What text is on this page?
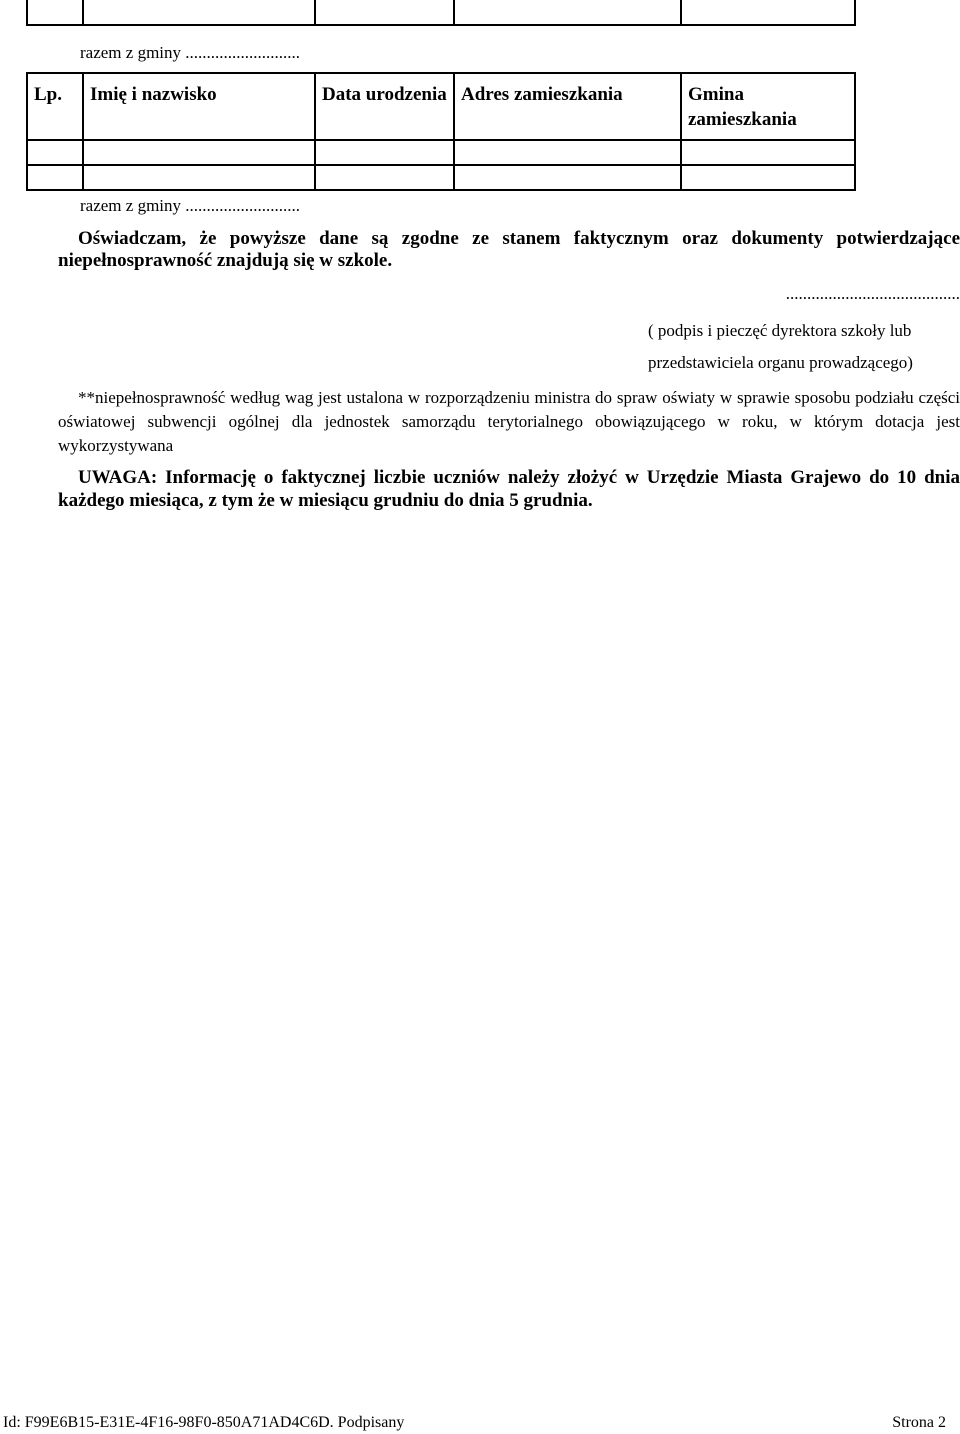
razem z gminy ...........................
Lp.	Imię i nazwisko	Data urodzenia	Adres zamieszkania	Gmina zamieszkania

razem z gminy ...........................
Oświadczam, że powyższe dane są zgodne ze stanem faktycznym oraz dokumenty potwierdzające niepełnosprawność znajdują się w szkole.
.........................................
( podpis i pieczęć dyrektora szkoły lub
przedstawiciela organu prowadzącego)
**niepełnosprawność według wag jest ustalona w rozporządzeniu ministra do spraw oświaty w sprawie sposobu podziału części oświatowej subwencji ogólnej dla jednostek samorządu terytorialnego obowiązującego w roku, w którym dotacja jest wykorzystywana
UWAGA: Informację o faktycznej liczbie uczniów należy złożyć w Urzędzie Miasta Grajewo do 10 dnia każdego miesiąca, z tym że w miesiącu grudniu do dnia 5 grudnia.
Id: F99E6B15-E31E-4F16-98F0-850A71AD4C6D. Podpisany	Strona 2
